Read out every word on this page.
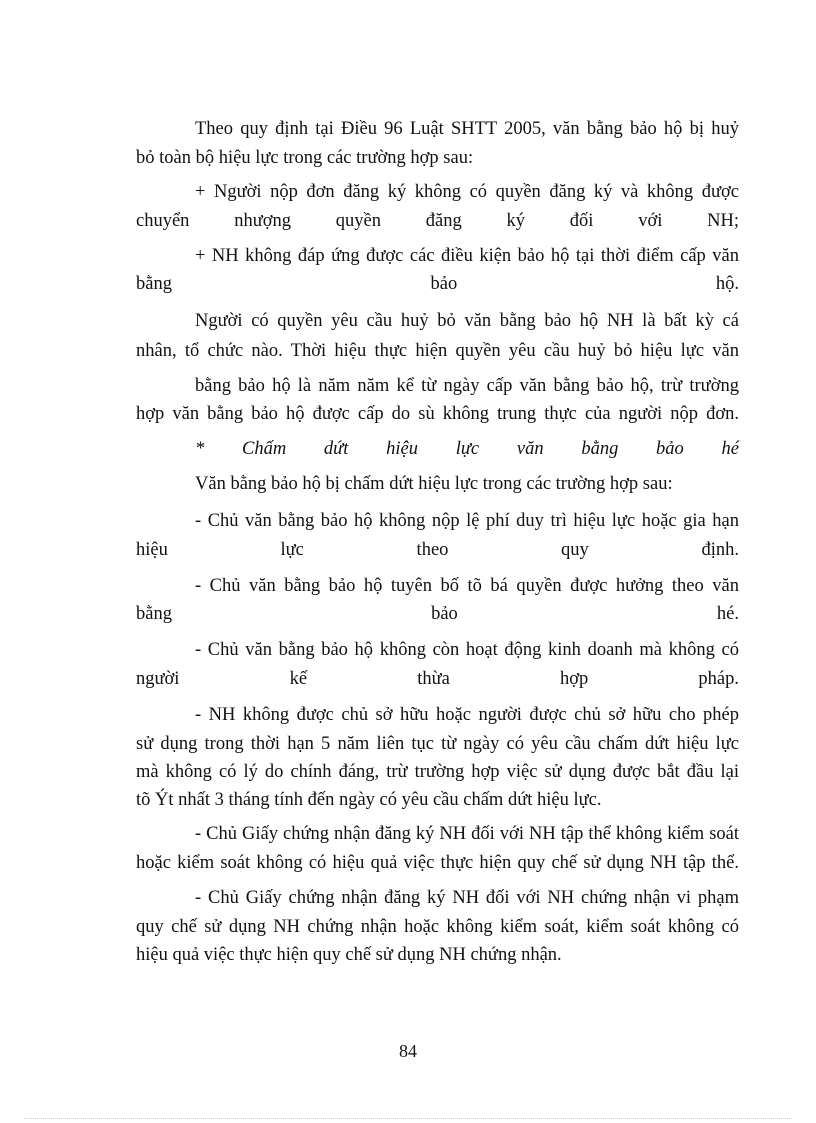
Theo quy định tại Điều 96 Luật SHTT 2005, văn bằng bảo hộ bị huỷ
bỏ toàn bộ hiệu lực trong các trường hợp sau:
+ Người nộp đơn đăng ký không có quyền đăng ký và không được
chuyển nhượng quyền đăng ký đối với NH;
+ NH không đáp ứng được các điều kiện bảo hộ tại thời điểm cấp văn
bằng bảo hộ.
Người có quyền yêu cầu huỷ bỏ văn bằng bảo hộ NH là bất kỳ cá
nhân, tổ chức nào. Thời hiệu thực hiện quyền yêu cầu huỷ bỏ hiệu lực văn
bằng bảo hộ là năm năm kể từ ngày cấp văn bằng bảo hộ, trừ trường
hợp văn bằng bảo hộ được cấp do sù không trung thực của người nộp đơn.
* Chấm dứt hiệu lực văn bằng bảo hé
Văn bằng bảo hộ bị chấm dứt hiệu lực trong các trường hợp sau:
- Chủ văn bằng bảo hộ không nộp lệ phí duy trì hiệu lực hoặc gia hạn
hiệu lực theo quy định.
- Chủ văn bằng bảo hộ tuyên bố tõ bá quyền được hưởng theo văn
bằng bảo hé.
- Chủ văn bằng bảo hộ không còn hoạt động kinh doanh mà không có
người kế thừa hợp pháp.
- NH không được chủ sở hữu hoặc người được chủ sở hữu cho phép
sử dụng trong thời hạn 5 năm liên tục từ ngày có yêu cầu chấm dứt hiệu lực
mà không có lý do chính đáng, trừ trường hợp việc sử dụng được bắt đầu lại
tõ Ýt nhất 3 tháng tính đến ngày có yêu cầu chấm dứt hiệu lực.
- Chủ Giấy chứng nhận đăng ký NH đối với NH tập thể không kiểm soát
hoặc kiểm soát không có hiệu quả việc thực hiện quy chế sử dụng NH tập thể.
- Chủ Giấy chứng nhận đăng ký NH đối với NH chứng nhận vi phạm
quy chế sử dụng NH chứng nhận hoặc không kiểm soát, kiểm soát không có
hiệu quả việc thực hiện quy chế sử dụng NH chứng nhận.
84
